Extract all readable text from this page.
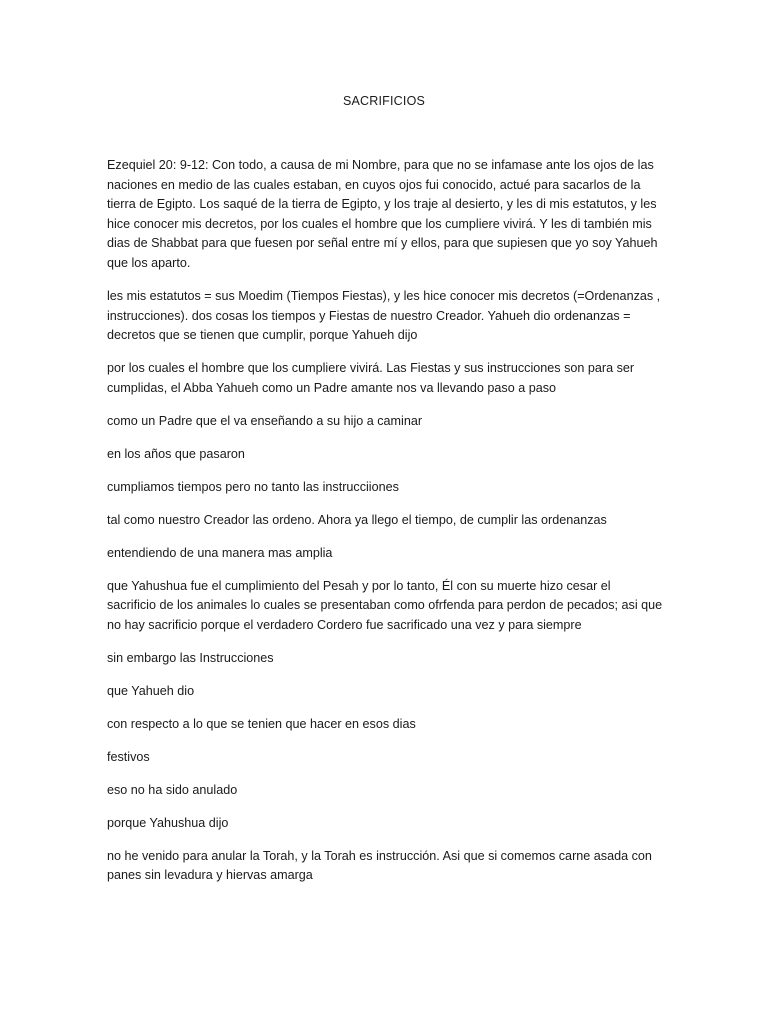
SACRIFICIOS

Ezequiel 20: 9-12: Con todo, a causa de mi Nombre, para que no se infamase ante los ojos de las
naciones en medio de las cuales estaban, en cuyos ojos fui conocido, actué para sacarlos de la
tierra de Egipto. Los saqué de la tierra de Egipto, y los traje al desierto, y les di mis estatutos, y les
hice conocer mis decretos, por los cuales el hombre que los cumpliere vivirá. Y les di también mis
dias de Shabbat para que fuesen por señal entre mí y ellos, para que supiesen que yo soy Yahueh
que los aparto.

les mis estatutos = sus Moedim (Tiempos Fiestas), y les hice conocer mis decretos (=Ordenanzas ,
instrucciones). dos cosas los tiempos y Fiestas de nuestro Creador. Yahueh dio ordenanzas =
decretos que se tienen que cumplir, porque Yahueh dijo

por los cuales el hombre que los cumpliere vivirá. Las Fiestas y sus instrucciones son para ser
cumplidas, el Abba Yahueh como un Padre amante nos va llevando paso a paso

como un Padre que el va enseñando a su hijo a caminar

en los años que pasaron

cumpliamos tiempos pero no tanto las instrucciiones

tal como nuestro Creador las ordeno. Ahora ya llego el tiempo, de cumplir las ordenanzas

entendiendo de una manera mas amplia

que Yahushua fue el cumplimiento del Pesah y por lo tanto, Él con su muerte hizo cesar el
sacrificio de los animales lo cuales se presentaban como ofrfenda para perdon de pecados; asi que
no hay sacrificio porque el verdadero Cordero fue sacrificado una vez y para siempre

sin embargo las Instrucciones

que Yahueh dio

con respecto a lo que se tenien que hacer en esos dias

festivos

eso no ha sido anulado

porque Yahushua dijo

no he venido para anular la Torah, y la Torah es instrucción. Asi que si comemos carne asada con
panes sin levadura y hiervas amarga
